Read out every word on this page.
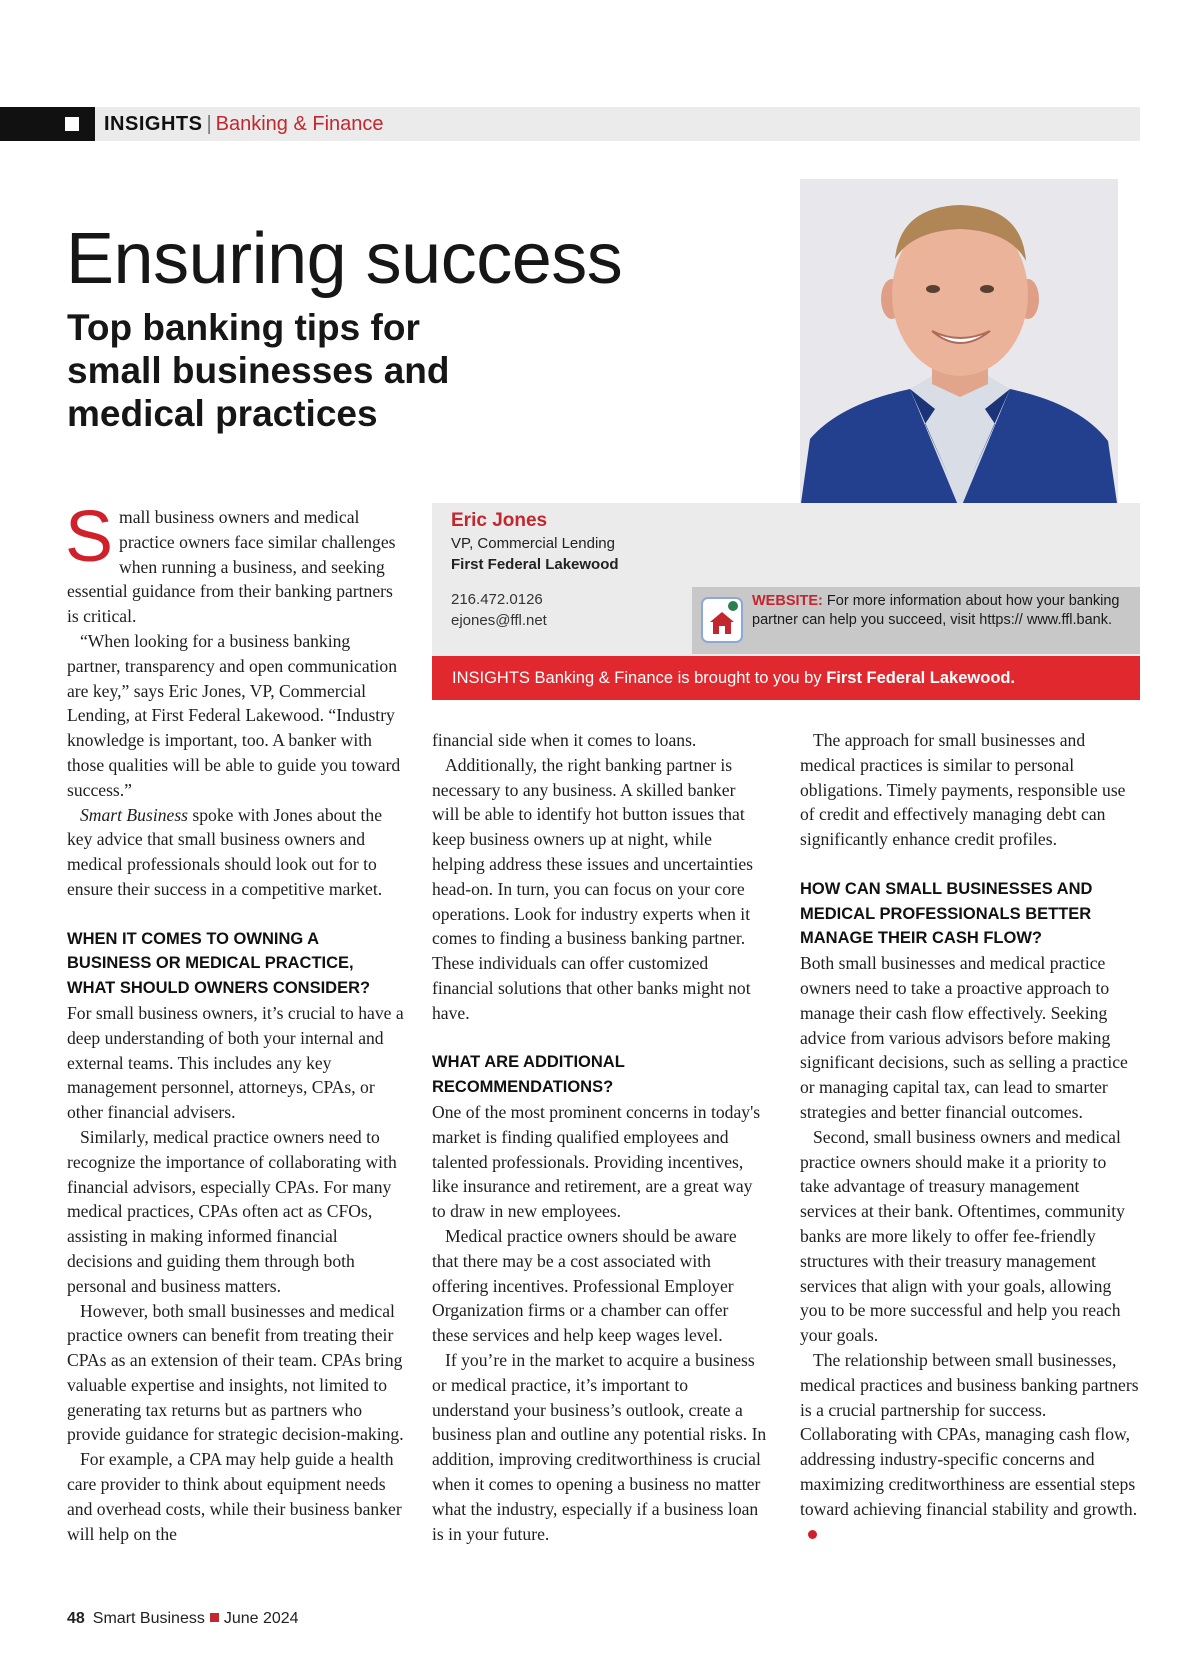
INSIGHTS | Banking & Finance
Ensuring success
Top banking tips for small businesses and medical practices
Eric Jones
VP, Commercial Lending
First Federal Lakewood
216.472.0126
ejones@ffl.net
WEBSITE: For more information about how your banking partner can help you succeed, visit https:// www.ffl.bank.
INSIGHTS Banking & Finance is brought to you by First Federal Lakewood.

Small business owners and medical practice owners face similar challenges when running a business, and seeking essential guidance from their banking partners is critical.

“When looking for a business banking partner, transparency and open communication are key,” says Eric Jones, VP, Commercial Lending, at First Federal Lakewood. “Industry knowledge is important, too. A banker with those qualities will be able to guide you toward success.”

Smart Business spoke with Jones about the key advice that small business owners and medical professionals should look out for to ensure their success in a competitive market.

WHEN IT COMES TO OWNING A BUSINESS OR MEDICAL PRACTICE, WHAT SHOULD OWNERS CONSIDER?

For small business owners, it’s crucial to have a deep understanding of both your internal and external teams. This includes any key management personnel, attorneys, CPAs, or other financial advisers.

Similarly, medical practice owners need to recognize the importance of collaborating with financial advisors, especially CPAs. For many medical practices, CPAs often act as CFOs, assisting in making informed financial decisions and guiding them through both personal and business matters.

However, both small businesses and medical practice owners can benefit from treating their CPAs as an extension of their team. CPAs bring valuable expertise and insights, not limited to generating tax returns but as partners who provide guidance for strategic decision-making.

For example, a CPA may help guide a health care provider to think about equipment needs and overhead costs, while their business banker will help on the

financial side when it comes to loans.

Additionally, the right banking partner is necessary to any business. A skilled banker will be able to identify hot button issues that keep business owners up at night, while helping address these issues and uncertainties head-on. In turn, you can focus on your core operations. Look for industry experts when it comes to finding a business banking partner. These individuals can offer customized financial solutions that other banks might not have.

WHAT ARE ADDITIONAL RECOMMENDATIONS?

One of the most prominent concerns in today's market is finding qualified employees and talented professionals. Providing incentives, like insurance and retirement, are a great way to draw in new employees.

Medical practice owners should be aware that there may be a cost associated with offering incentives. Professional Employer Organization firms or a chamber can offer these services and help keep wages level.

If you’re in the market to acquire a business or medical practice, it’s important to understand your business’s outlook, create a business plan and outline any potential risks. In addition, improving creditworthiness is crucial when it comes to opening a business no matter what the industry, especially if a business loan is in your future.

The approach for small businesses and medical practices is similar to personal obligations. Timely payments, responsible use of credit and effectively managing debt can significantly enhance credit profiles.

HOW CAN SMALL BUSINESSES AND MEDICAL PROFESSIONALS BETTER MANAGE THEIR CASH FLOW?

Both small businesses and medical practice owners need to take a proactive approach to manage their cash flow effectively. Seeking advice from various advisors before making significant decisions, such as selling a practice or managing capital tax, can lead to smarter strategies and better financial outcomes.

Second, small business owners and medical practice owners should make it a priority to take advantage of treasury management services at their bank. Oftentimes, community banks are more likely to offer fee-friendly structures with their treasury management services that align with your goals, allowing you to be more successful and help you reach your goals.

The relationship between small businesses, medical practices and business banking partners is a crucial partnership for success. Collaborating with CPAs, managing cash flow, addressing industry-specific concerns and maximizing creditworthiness are essential steps toward achieving financial stability and growth.

48 Smart Business June 2024
